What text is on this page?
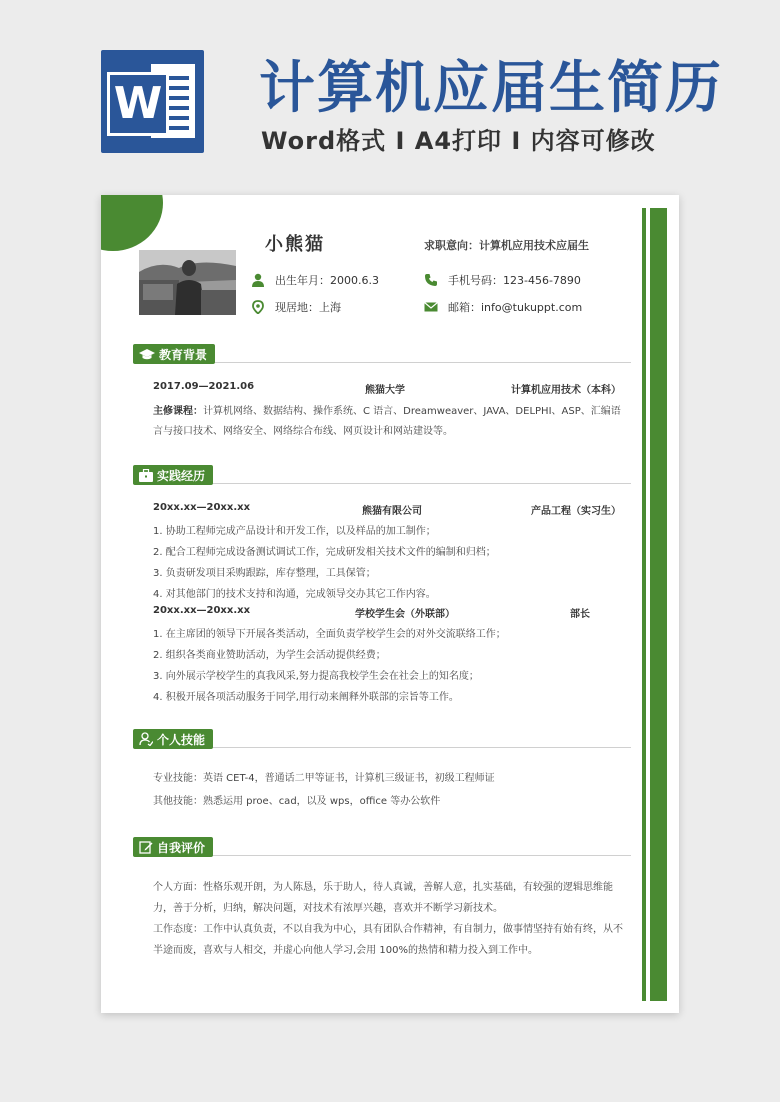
W 计算机应届生简历
Word格式 I A4打印 I 内容可修改
小熊猫	求职意向：计算机应用技术应届生
出生年月：2000.6.3	手机号码：123-456-7890
现居地：上海	邮箱：info@tukuppt.com
教育背景
2017.09—2021.06	熊猫大学	计算机应用技术（本科）
主修课程：计算机网络、数据结构、操作系统、C 语言、Dreamweaver、JAVA、DELPHI、ASP、汇编语
言与接口技术、网络安全、网络综合布线、网页设计和网站建设等。
实践经历
20xx.xx—20xx.xx	熊猫有限公司	产品工程（实习生）
1. 协助工程师完成产品设计和开发工作，以及样品的加工制作；
2. 配合工程师完成设备测试调试工作，完成研发相关技术文件的编制和归档；
3. 负责研发项目采购跟踪，库存整理，工具保管；
4. 对其他部门的技术支持和沟通，完成领导交办其它工作内容。
20xx.xx—20xx.xx	学校学生会（外联部）	部长
1. 在主席团的领导下开展各类活动，全面负责学校学生会的对外交流联络工作；
2. 组织各类商业赞助活动，为学生会活动提供经费；
3. 向外展示学校学生的真我风采,努力提高我校学生会在社会上的知名度；
4. 积极开展各项活动服务于同学,用行动来阐释外联部的宗旨等工作。
个人技能
专业技能：英语 CET-4，普通话二甲等证书，计算机三级证书，初级工程师证
其他技能：熟悉运用 proe、cad，以及 wps，office 等办公软件
自我评价
个人方面：性格乐观开朗，为人陈恳，乐于助人，待人真诚，善解人意，扎实基础，有较强的逻辑思维能力，善于分析，归纳，解决问题，对技术有浓厚兴趣，喜欢并不断学习新技术。
工作态度：工作中认真负责，不以自我为中心，具有团队合作精神，有自制力，做事情坚持有始有终，从不半途而废，喜欢与人相交，并虚心向他人学习,会用 100%的热情和精力投入到工作中。
